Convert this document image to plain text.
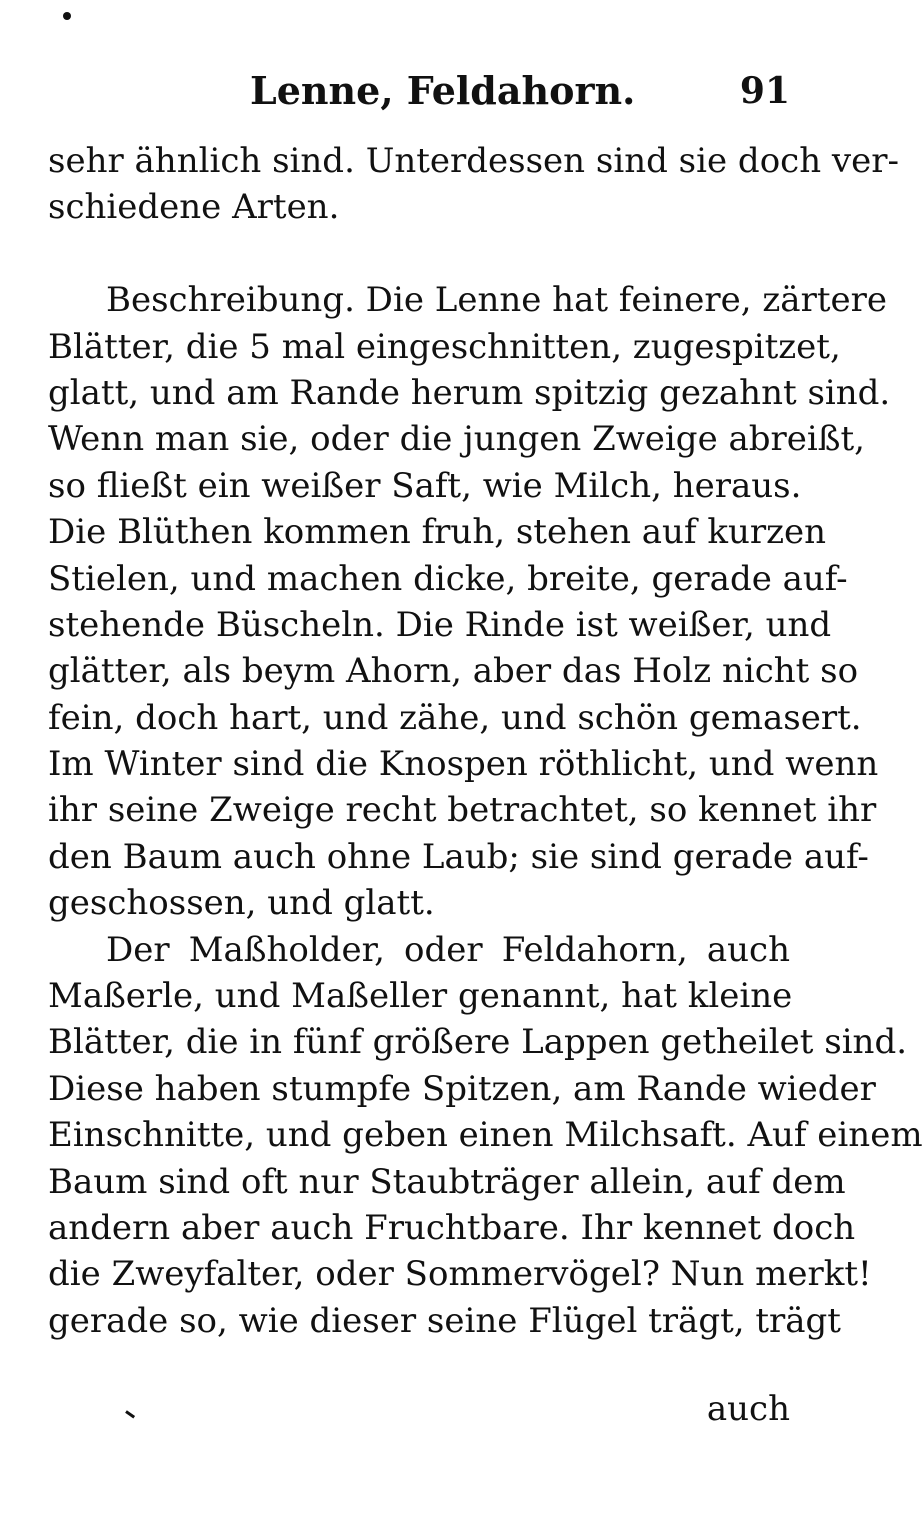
Lenne, Feldahorn.	91
sehr ähnlich sind. Unterdessen sind sie doch ver-
schiedene Arten.
Beschreibung. Die Lenne hat feinere, zärtere
Blätter, die 5 mal eingeschnitten, zugespitzet,
glatt, und am Rande herum spitzig gezahnt sind.
Wenn man sie, oder die jungen Zweige abreißt,
so fließt ein weißer Saft, wie Milch, heraus.
Die Blüthen kommen fruh, stehen auf kurzen
Stielen, und machen dicke, breite, gerade auf-
stehende Büscheln. Die Rinde ist weißer, und
glätter, als beym Ahorn, aber das Holz nicht so
fein, doch hart, und zähe, und schön gemasert.
Im Winter sind die Knospen röthlicht, und wenn
ihr seine Zweige recht betrachtet, so kennet ihr
den Baum auch ohne Laub; sie sind gerade auf-
geschossen, und glatt.
Der Maßholder, oder Feldahorn, auch
Maßerle, und Maßeller genannt, hat kleine
Blätter, die in fünf größere Lappen getheilet sind.
Diese haben stumpfe Spitzen, am Rande wieder
Einschnitte, und geben einen Milchsaft. Auf einem
Baum sind oft nur Staubträger allein, auf dem
andern aber auch Fruchtbare. Ihr kennet doch
die Zweyfalter, oder Sommervögel? Nun merkt!
gerade so, wie dieser seine Flügel trägt, trägt
auch
